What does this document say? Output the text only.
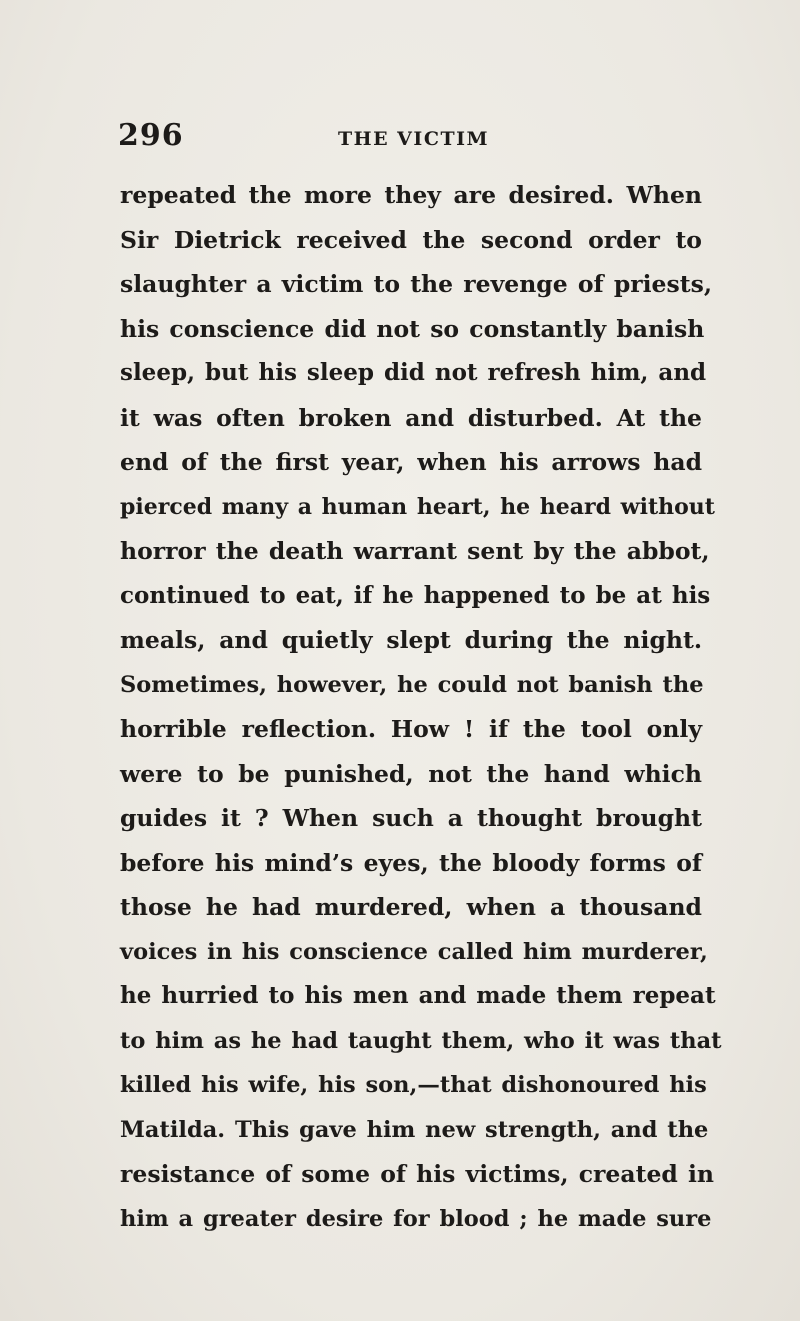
296	THE VICTIM
repeated the more they are desired. When
Sir Dietrick received the second order to
slaughter a victim to the revenge of priests,
his conscience did not so constantly banish
sleep, but his sleep did not refresh him, and
it was often broken and disturbed. At the
end of the first year, when his arrows had
pierced many a human heart, he heard without
horror the death warrant sent by the abbot,
continued to eat, if he happened to be at his
meals, and quietly slept during the night.
Sometimes, however, he could not banish the
horrible reflection. How ! if the tool only
were to be punished, not the hand which
guides it ? When such a thought brought
before his mind’s eyes, the bloody forms of
those he had murdered, when a thousand
voices in his conscience called him murderer,
he hurried to his men and made them repeat
to him as he had taught them, who it was that
killed his wife, his son,—that dishonoured his
Matilda. This gave him new strength, and the
resistance of some of his victims, created in
him a greater desire for blood ; he made sure
